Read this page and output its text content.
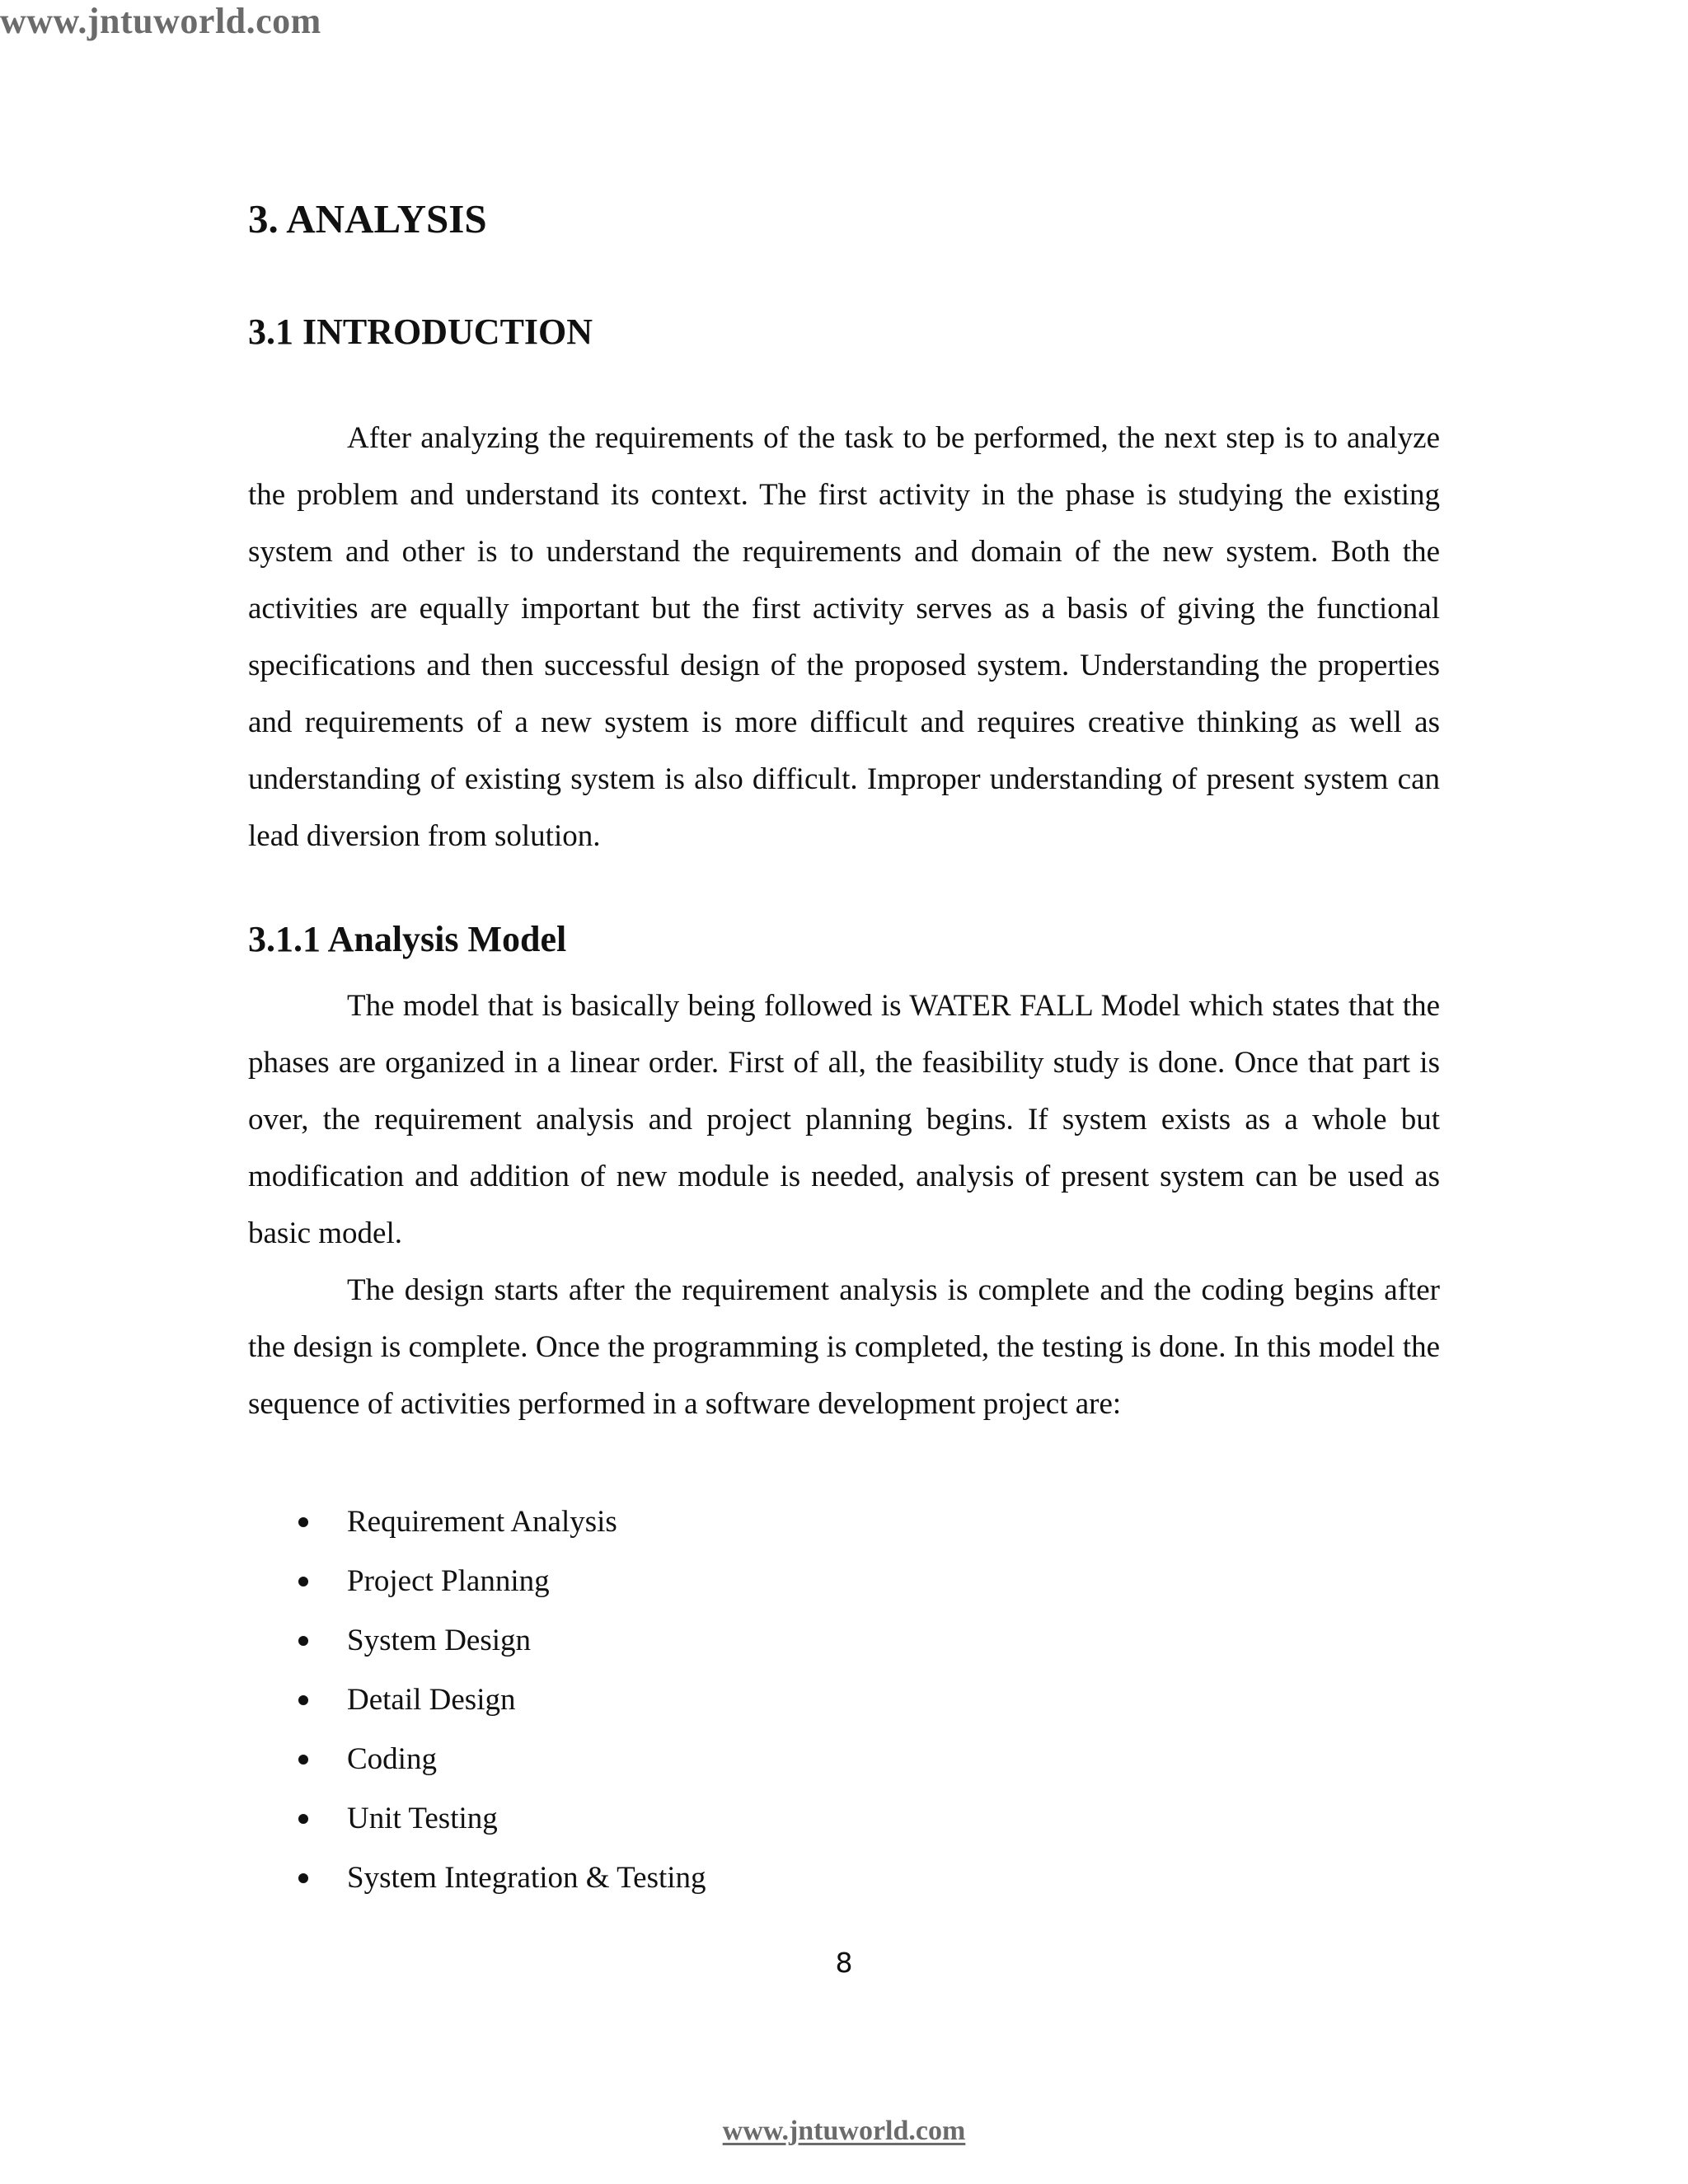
www.jntuworld.com
3. ANALYSIS
3.1 INTRODUCTION

After analyzing the requirements of the task to be performed, the next step is to analyze the problem and understand its context. The first activity in the phase is studying the existing system and other is to understand the requirements and domain of the new system. Both the activities are equally important but the first activity serves as a basis of giving the functional specifications and then successful design of the proposed system. Understanding the properties and requirements of a new system is more difficult and requires creative thinking as well as understanding of existing system is also difficult. Improper understanding of present system can lead diversion from solution.

3.1.1 Analysis Model

The model that is basically being followed is WATER FALL Model which states that the phases are organized in a linear order. First of all, the feasibility study is done. Once that part is over, the requirement analysis and project planning begins. If system exists as a whole but modification and addition of new module is needed, analysis of present system can be used as basic model.

The design starts after the requirement analysis is complete and the coding begins after the design is complete. Once the programming is completed, the testing is done. In this model the sequence of activities performed in a software development project are:

Requirement Analysis
Project Planning
System Design
Detail Design
Coding
Unit Testing
System Integration & Testing
8
www.jntuworld.com
